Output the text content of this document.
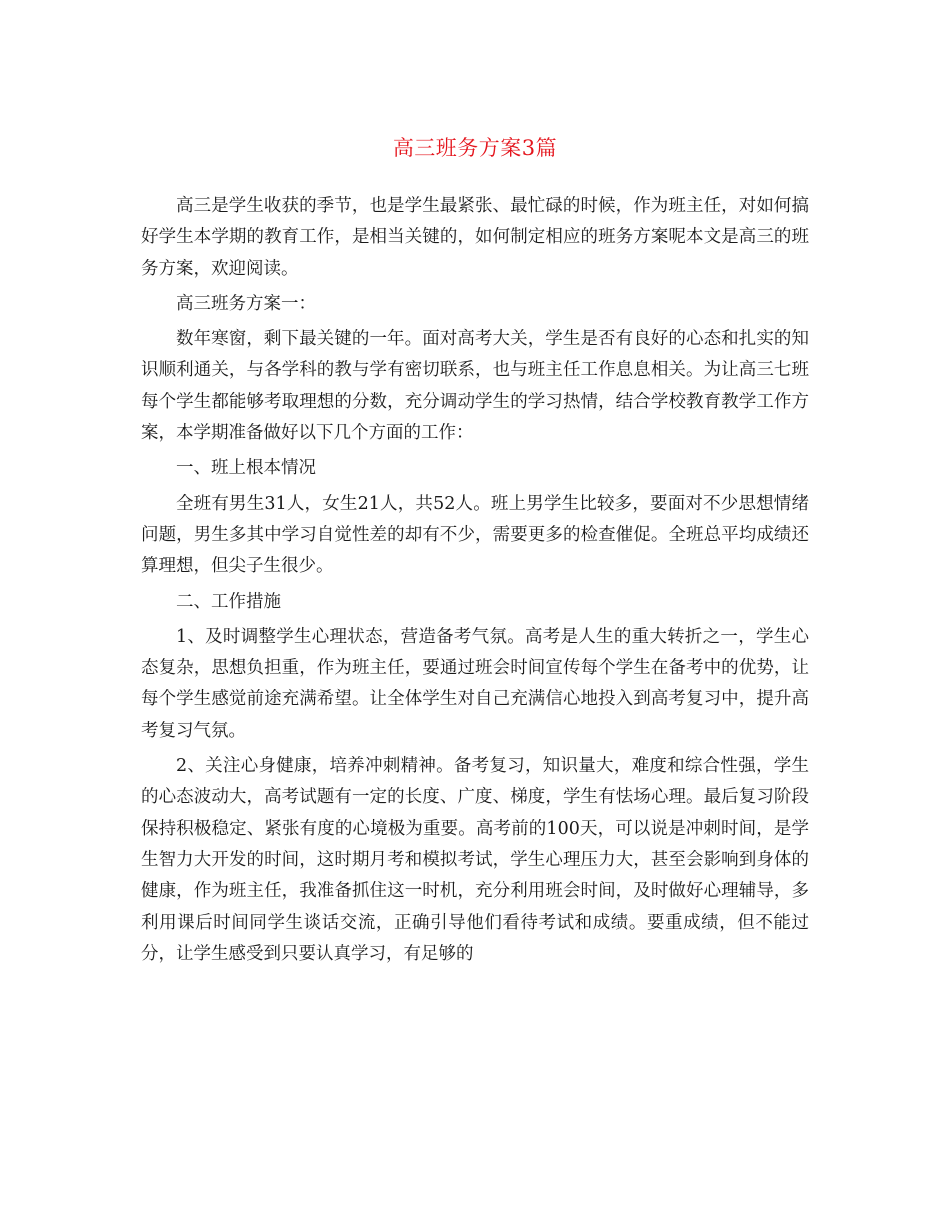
高三班务方案3篇

高三是学生收获的季节，也是学生最紧张、最忙碌的时候，作为班主任，对如何搞好学生本学期的教育工作，是相当关键的，如何制定相应的班务方案呢本文是高三的班务方案，欢迎阅读。

高三班务方案一：

数年寒窗，剩下最关键的一年。面对高考大关，学生是否有良好的心态和扎实的知识顺利通关，与各学科的教与学有密切联系，也与班主任工作息息相关。为让高三七班每个学生都能够考取理想的分数，充分调动学生的学习热情，结合学校教育教学工作方案，本学期准备做好以下几个方面的工作：

一、班上根本情况

全班有男生31人，女生21人，共52人。班上男学生比较多，要面对不少思想情绪问题，男生多其中学习自觉性差的却有不少，需要更多的检查催促。全班总平均成绩还算理想，但尖子生很少。

二、工作措施

1、及时调整学生心理状态，营造备考气氛。高考是人生的重大转折之一，学生心态复杂，思想负担重，作为班主任，要通过班会时间宣传每个学生在备考中的优势，让每个学生感觉前途充满希望。让全体学生对自己充满信心地投入到高考复习中，提升高考复习气氛。

2、关注心身健康，培养冲刺精神。备考复习，知识量大，难度和综合性强，学生的心态波动大，高考试题有一定的长度、广度、梯度，学生有怯场心理。最后复习阶段保持积极稳定、紧张有度的心境极为重要。高考前的100天，可以说是冲刺时间，是学生智力大开发的时间，这时期月考和模拟考试，学生心理压力大，甚至会影响到身体的健康，作为班主任，我准备抓住这一时机，充分利用班会时间，及时做好心理辅导，多利用课后时间同学生谈话交流，正确引导他们看待考试和成绩。要重成绩，但不能过分，让学生感受到只要认真学习，有足够的
